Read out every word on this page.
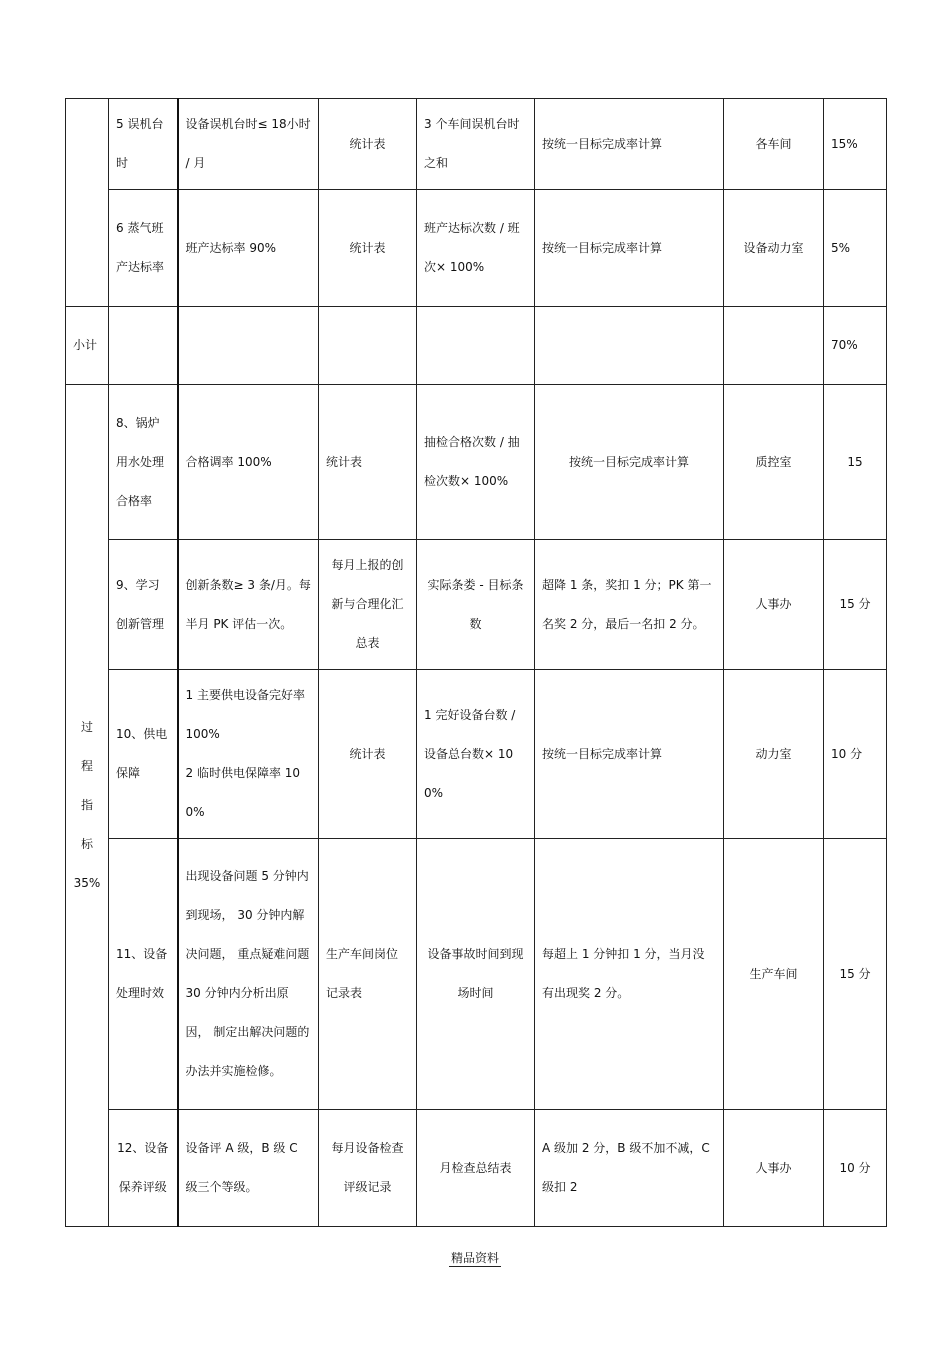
	5 误机台时	设备误机台时≤ 18小时 / 月	统计表	3 个车间误机台时之和	按统一目标完成率计算	各车间	15%
	6 蒸气班产达标率	班产达标率 90%	统计表	班产达标次数 / 班次× 100%	按统一目标完成率计算	设备动力室	5%
小计							70%
过
程
指
标
35%	8、锅炉用水处理合格率	合格调率 100%	统计表	抽检合格次数 / 抽检次数× 100%	按统一目标完成率计算	质控室	15
	9、学习创新管理	创新条数≥ 3 条/月。每半月 PK 评估一次。	每月上报的创新与合理化汇总表	实际条娄 - 目标条数	超降 1 条，奖扣 1 分；PK 第一名奖 2 分，最后一名扣 2 分。	人事办	15 分
	10、供电保障	1 主要供电设备完好率 100%
2 临时供电保障率 100%	统计表	1 完好设备台数 / 设备总台数× 100%	按统一目标完成率计算	动力室	10 分
	11、设备处理时效	出现设备问题 5 分钟内到现场， 30 分钟内解决问题， 重点疑难问题 30 分钟内分析出原因， 制定出解决问题的办法并实施检修。	生产车间岗位记录表	设备事故时间到现场时间	每超上 1 分钟扣 1 分，当月没有出现奖 2 分。	生产车间	15 分
	12、设备保养评级	设备评 A 级，B 级 C 级三个等级。	每月设备检查评级记录	月检查总结表	A 级加 2 分，B 级不加不减，C 级扣 2	人事办	10 分
精品资料
